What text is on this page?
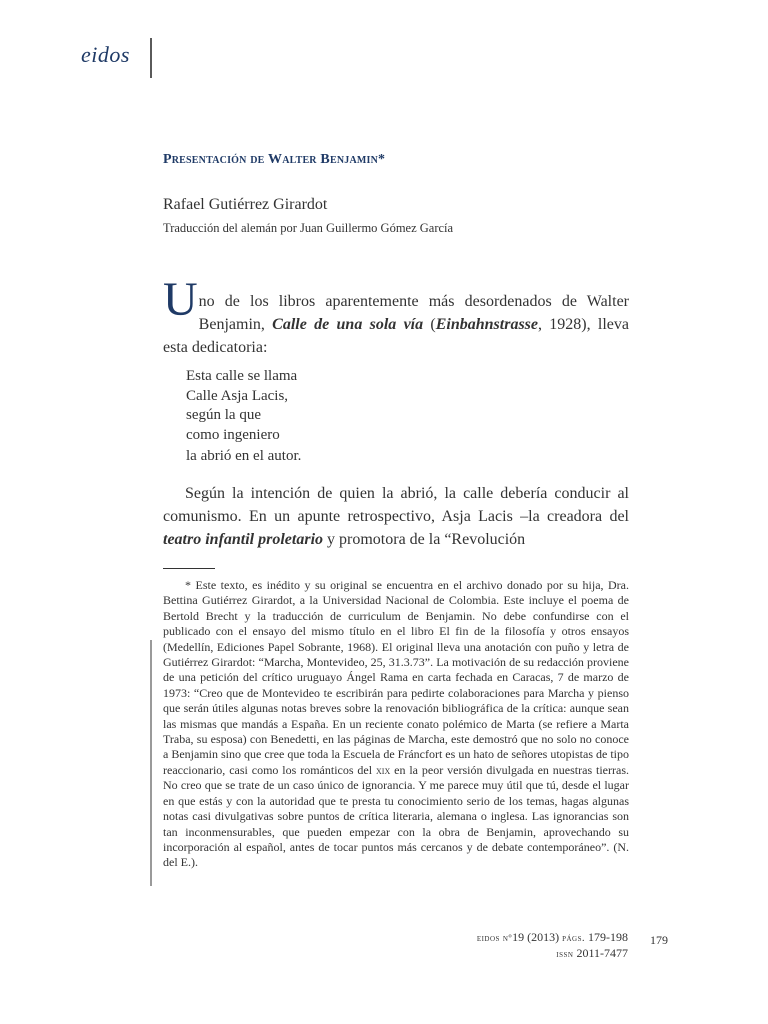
eidos
Presentación de Walter Benjamin*
Rafael Gutiérrez Girardot
Traducción del alemán por Juan Guillermo Gómez García
Uno de los libros aparentemente más desordenados de Walter Benjamin, Calle de una sola vía (Einbahnstrasse, 1928), lleva esta dedicatoria:
Esta calle se llama
Calle Asja Lacis,
según la que
como ingeniero
la abrió en el autor.
Según la intención de quien la abrió, la calle debería conducir al comunismo. En un apunte retrospectivo, Asja Lacis –la creadora del teatro infantil proletario y promotora de la “Revolución
* Este texto, es inédito y su original se encuentra en el archivo donado por su hija, Dra. Bettina Gutiérrez Girardot, a la Universidad Nacional de Colombia. Este incluye el poema de Bertold Brecht y la traducción de curriculum de Benjamin. No debe confundirse con el publicado con el ensayo del mismo título en el libro El fin de la filosofía y otros ensayos (Medellín, Ediciones Papel Sobrante, 1968). El original lleva una anotación con puño y letra de Gutiérrez Girardot: “Marcha, Montevideo, 25, 31.3.73”. La motivación de su redacción proviene de una petición del crítico uruguayo Ángel Rama en carta fechada en Caracas, 7 de marzo de 1973: “Creo que de Montevideo te escribirán para pedirte colaboraciones para Marcha y pienso que serán útiles algunas notas breves sobre la renovación bibliográfica de la crítica: aunque sean las mismas que mandás a España. En un reciente conato polémico de Marta (se refiere a Marta Traba, su esposa) con Benedetti, en las páginas de Marcha, este demostró que no solo no conoce a Benjamin sino que cree que toda la Escuela de Fráncfort es un hato de señores utopistas de tipo reaccionario, casi como los románticos del xix en la peor versión divulgada en nuestras tierras. No creo que se trate de un caso único de ignorancia. Y me parece muy útil que tú, desde el lugar en que estás y con la autoridad que te presta tu conocimiento serio de los temas, hagas algunas notas casi divulgativas sobre puntos de crítica literaria, alemana o inglesa. Las ignorancias son tan inconmensurables, que pueden empezar con la obra de Benjamin, aprovechando su incorporación al español, antes de tocar puntos más cercanos y de debate contemporáneo”. (N. del E.).
eidos nº19 (2013) págs. 179-198
issn 2011-7477
179
